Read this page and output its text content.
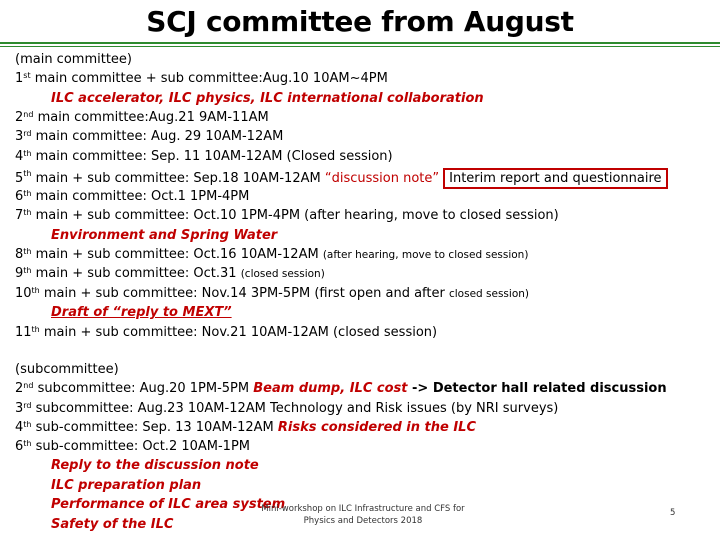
SCJ committee from August
(main committee)
1st main committee + sub committee:Aug.10 10AM~4PM
ILC accelerator, ILC physics, ILC international collaboration
2nd main committee:Aug.21 9AM-11AM
3rd main committee: Aug. 29 10AM-12AM
4th main committee: Sep. 11 10AM-12AM (Closed session)
5th main + sub committee: Sep.18 10AM-12AM “discussion note” Interim report and questionnaire
6th main committee: Oct.1 1PM-4PM
7th main + sub committee: Oct.10 1PM-4PM (after hearing, move to closed session)
Environment and Spring Water
8th main + sub committee: Oct.16 10AM-12AM (after hearing, move to closed session)
9th main + sub committee: Oct.31 (closed session)
10th main + sub committee: Nov.14 3PM-5PM (first open and after closed session)
Draft of “reply to MEXT”
11th main + sub committee: Nov.21 10AM-12AM (closed session)
(subcommittee)
2nd subcommittee: Aug.20 1PM-5PM Beam dump, ILC cost -> Detector hall related discussion
3rd subcommittee: Aug.23 10AM-12AM Technology and Risk issues (by NRI surveys)
4th sub-committee: Sep. 13 10AM-12AM Risks considered in the ILC
6th sub-committee: Oct.2 10AM-1PM
Reply to the discussion note
ILC preparation plan
Performance of ILC area system
Safety of the ILC
Mini-workshop on ILC Infrastructure and CFS for
Physics and Detectors 2018
5
